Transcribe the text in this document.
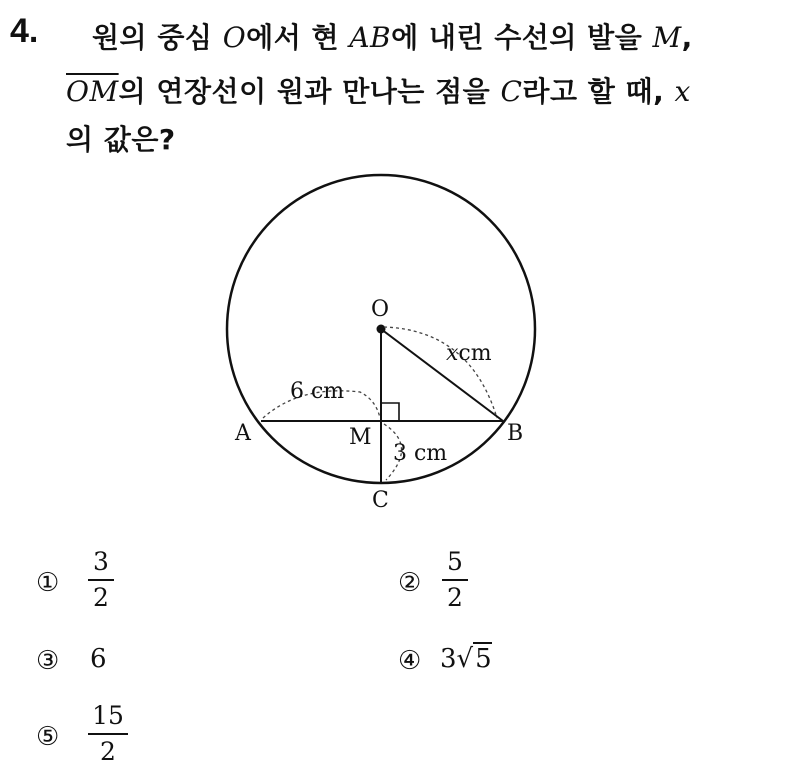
4. 원의 중심 O에서 현 AB에 내린 수선의 발을 M,
$\overline{OM}$의 연장선이 원과 만나는 점을 C라고 할 때, x
의 값은?
O
A	B
M
C
6 cm
xcm
3 cm
①
3
2	②
5
2
③ 6	④ 3√5
⑤
15
2
